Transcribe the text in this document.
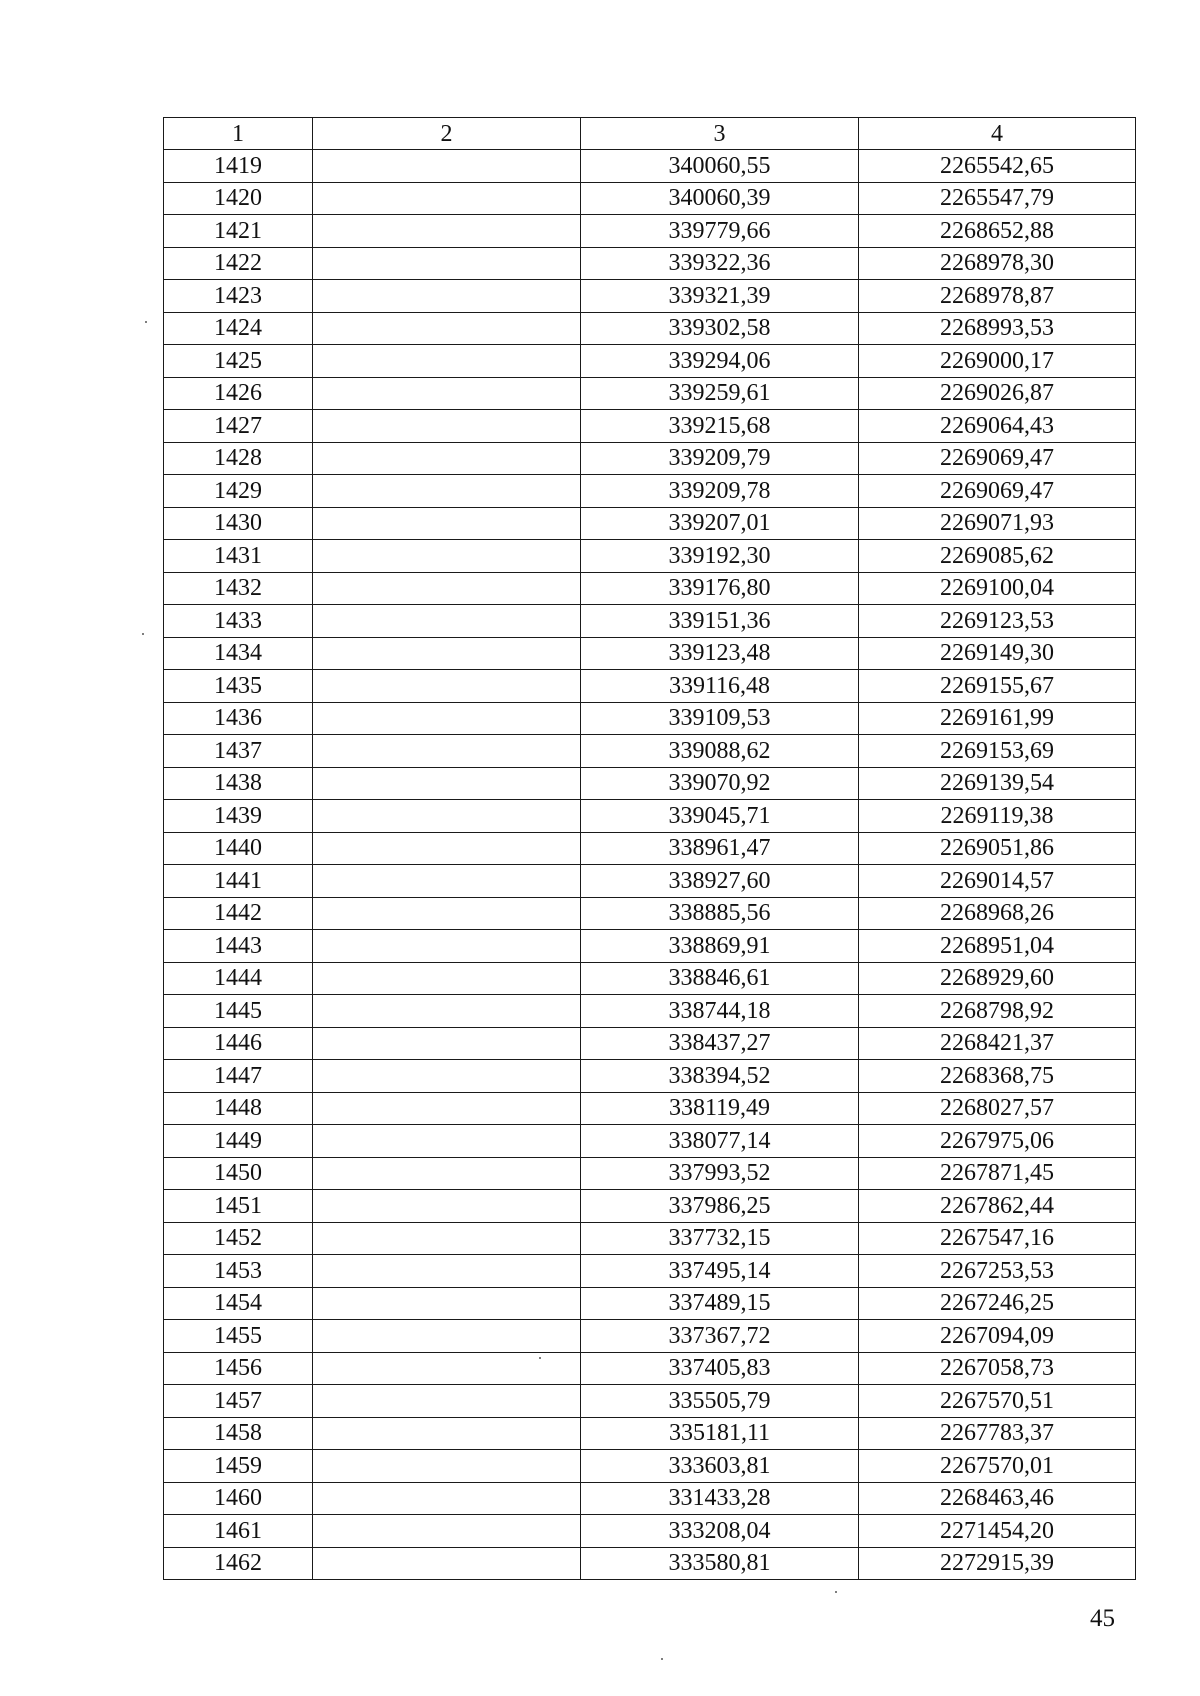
1	2	3	4
1419		340060,55	2265542,65
1420		340060,39	2265547,79
1421		339779,66	2268652,88
1422		339322,36	2268978,30
1423		339321,39	2268978,87
1424		339302,58	2268993,53
1425		339294,06	2269000,17
1426		339259,61	2269026,87
1427		339215,68	2269064,43
1428		339209,79	2269069,47
1429		339209,78	2269069,47
1430		339207,01	2269071,93
1431		339192,30	2269085,62
1432		339176,80	2269100,04
1433		339151,36	2269123,53
1434		339123,48	2269149,30
1435		339116,48	2269155,67
1436		339109,53	2269161,99
1437		339088,62	2269153,69
1438		339070,92	2269139,54
1439		339045,71	2269119,38
1440		338961,47	2269051,86
1441		338927,60	2269014,57
1442		338885,56	2268968,26
1443		338869,91	2268951,04
1444		338846,61	2268929,60
1445		338744,18	2268798,92
1446		338437,27	2268421,37
1447		338394,52	2268368,75
1448		338119,49	2268027,57
1449		338077,14	2267975,06
1450		337993,52	2267871,45
1451		337986,25	2267862,44
1452		337732,15	2267547,16
1453		337495,14	2267253,53
1454		337489,15	2267246,25
1455		337367,72	2267094,09
1456		337405,83	2267058,73
1457		335505,79	2267570,51
1458		335181,11	2267783,37
1459		333603,81	2267570,01
1460		331433,28	2268463,46
1461		333208,04	2271454,20
1462		333580,81	2272915,39
45
